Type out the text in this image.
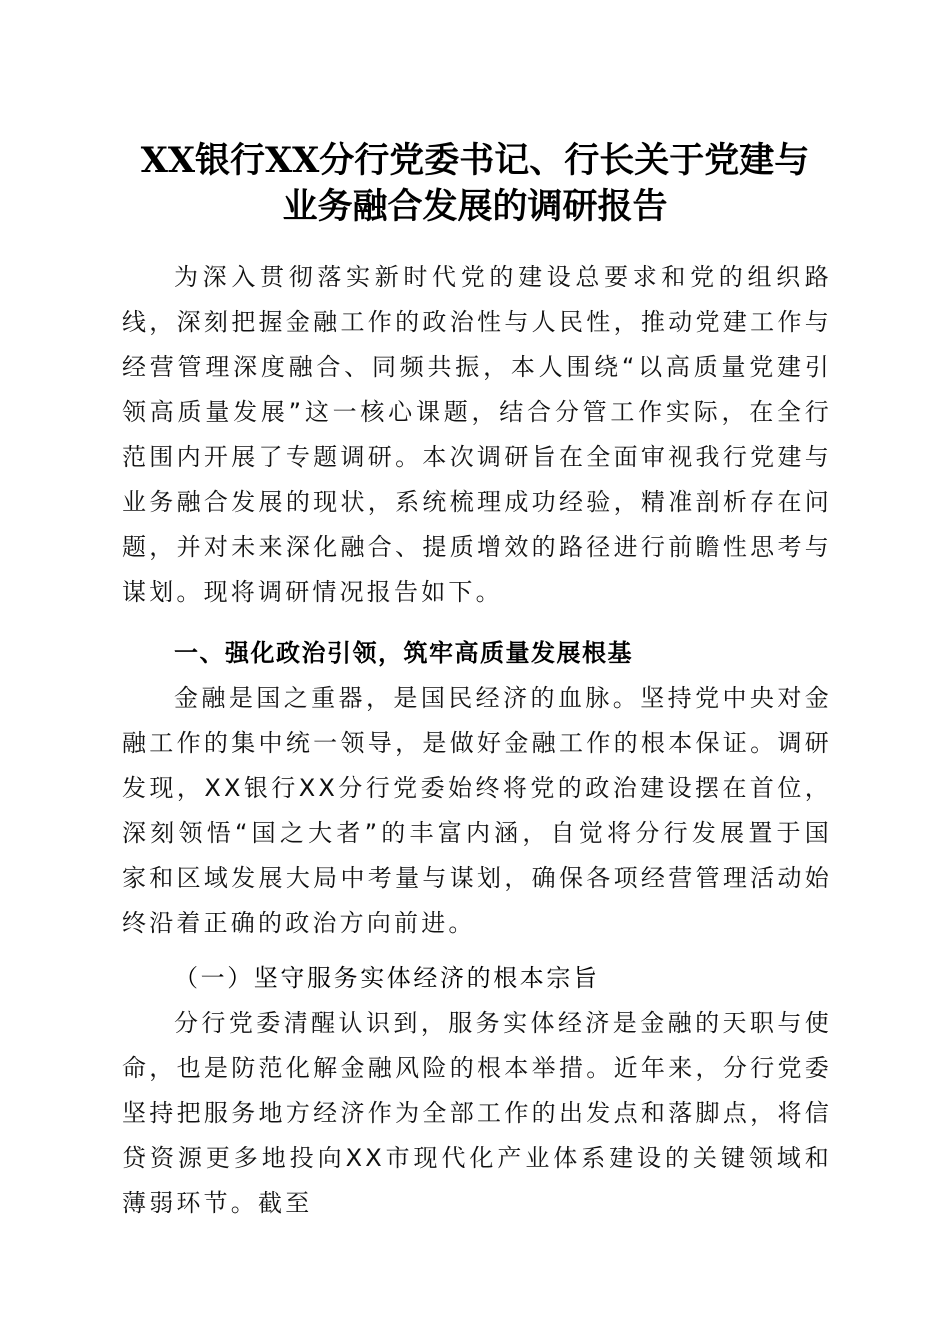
XX银行XX分行党委书记、行长关于党建与
业务融合发展的调研报告

为深入贯彻落实新时代党的建设总要求和党的组织路线，深刻把握金融工作的政治性与人民性，推动党建工作与经营管理深度融合、同频共振，本人围绕“以高质量党建引领高质量发展”这一核心课题，结合分管工作实际，在全行范围内开展了专题调研。本次调研旨在全面审视我行党建与业务融合发展的现状，系统梳理成功经验，精准剖析存在问题，并对未来深化融合、提质增效的路径进行前瞻性思考与谋划。现将调研情况报告如下。

一、强化政治引领，筑牢高质量发展根基

金融是国之重器，是国民经济的血脉。坚持党中央对金融工作的集中统一领导，是做好金融工作的根本保证。调研发现，XX银行XX分行党委始终将党的政治建设摆在首位，深刻领悟“国之大者”的丰富内涵，自觉将分行发展置于国家和区域发展大局中考量与谋划，确保各项经营管理活动始终沿着正确的政治方向前进。

（一）坚守服务实体经济的根本宗旨

分行党委清醒认识到，服务实体经济是金融的天职与使命，也是防范化解金融风险的根本举措。近年来，分行党委坚持把服务地方经济作为全部工作的出发点和落脚点，将信贷资源更多地投向XX市现代化产业体系建设的关键领域和薄弱环节。截至
